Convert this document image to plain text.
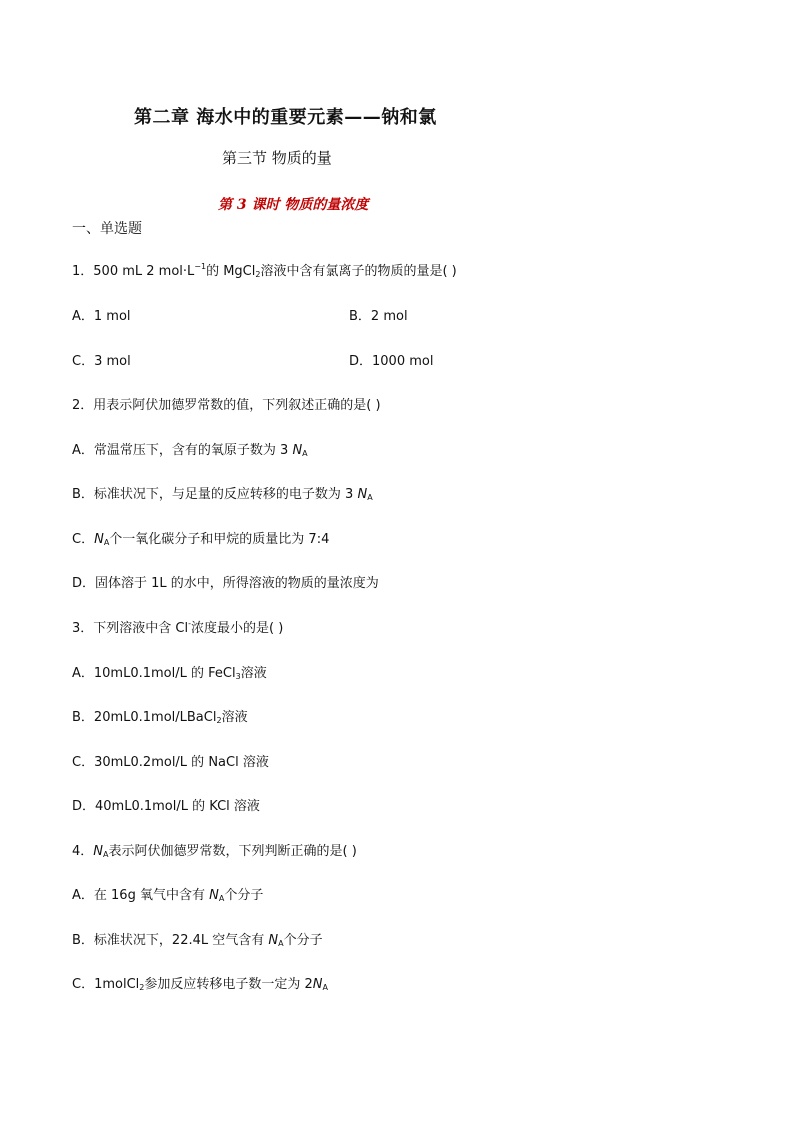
第二章 海水中的重要元素——钠和氯
第三节 物质的量
第 3 课时 物质的量浓度
一、单选题
1．500 mL 2 $mol\cdot L^{-1}$的 MgCl$_2$溶液中含有氯离子的物质的量是( )
A．1 mol	B．2 mol
C．3 mol	D．1000 mol
2．用表示阿伏加德罗常数的值，下列叙述正确的是( )
A．常温常压下，含有的氧原子数为 3 $N_A$
B．标准状况下，与足量的反应转移的电子数为 3 $N_A$
C．$N_A$个一氧化碳分子和甲烷的质量比为 7:4
D．固体溶于 1L 的水中，所得溶液的物质的量浓度为
3．下列溶液中含 Cl-浓度最小的是( )
A．10mL0.1mol/L 的 FeCl$_3$溶液
B．20mL0.1mol/LBaCl$_2$溶液
C．30mL0.2mol/L 的 NaCl 溶液
D．40mL0.1mol/L 的 KCl 溶液
4．$N_A$表示阿伏伽德罗常数，下列判断正确的是( )
A．在 16g 氧气中含有 $N_A$个分子
B．标准状况下，22.4L 空气含有 $N_A$个分子
C．1molCl$_2$参加反应转移电子数一定为 $2N_A$
